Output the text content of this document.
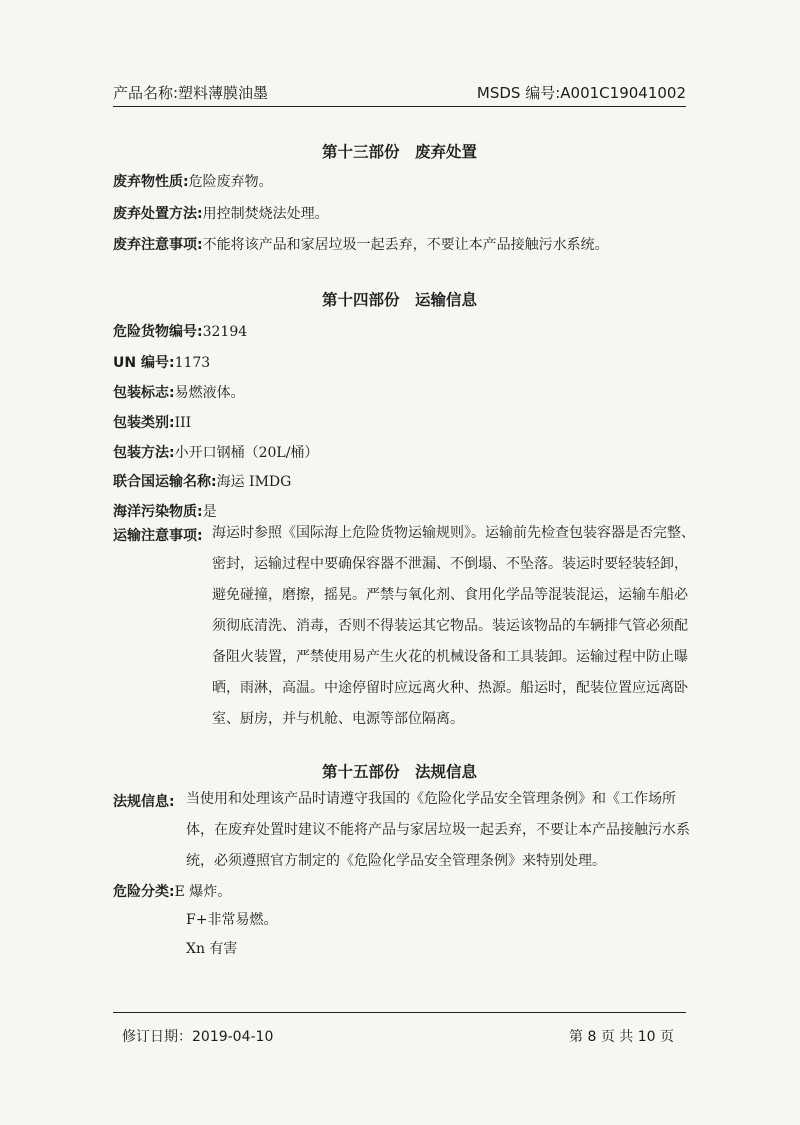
产品名称:塑料薄膜油墨	MSDS 编号:A001C19041002
第十三部份　废弃处置
废弃物性质:危险废弃物。
废弃处置方法:用控制焚烧法处理。
废弃注意事项:不能将该产品和家居垃圾一起丢弃，不要让本产品接触污水系统。
第十四部份　运输信息
危险货物编号:32194
UN 编号:1173
包装标志:易燃液体。
包装类别:III
包装方法:小开口钢桶（20L/桶）
联合国运输名称:海运 IMDG
海洋污染物质:是
运输注意事项: 海运时参照《国际海上危险货物运输规则》。运输前先检查包装容器是否完整、
密封，运输过程中要确保容器不泄漏、不倒塌、不坠落。装运时要轻装轻卸，
避免碰撞，磨擦，摇晃。严禁与氧化剂、食用化学品等混装混运，运输车船必
须彻底清洗、消毒，否则不得装运其它物品。装运该物品的车辆排气管必须配
备阻火装置，严禁使用易产生火花的机械设备和工具装卸。运输过程中防止曝
晒，雨淋，高温。中途停留时应远离火种、热源。船运时，配装位置应远离卧
室、厨房，并与机舱、电源等部位隔离。
第十五部份　法规信息
法规信息: 当使用和处理该产品时请遵守我国的《危险化学品安全管理条例》和《工作场所
体，在废弃处置时建议不能将产品与家居垃圾一起丢弃，不要让本产品接触污水系
统，必须遵照官方制定的《危险化学品安全管理条例》来特别处理。
危险分类:E 爆炸。
F+非常易燃。
Xn 有害
修订日期：2019-04-10	第 8 页 共 10 页
